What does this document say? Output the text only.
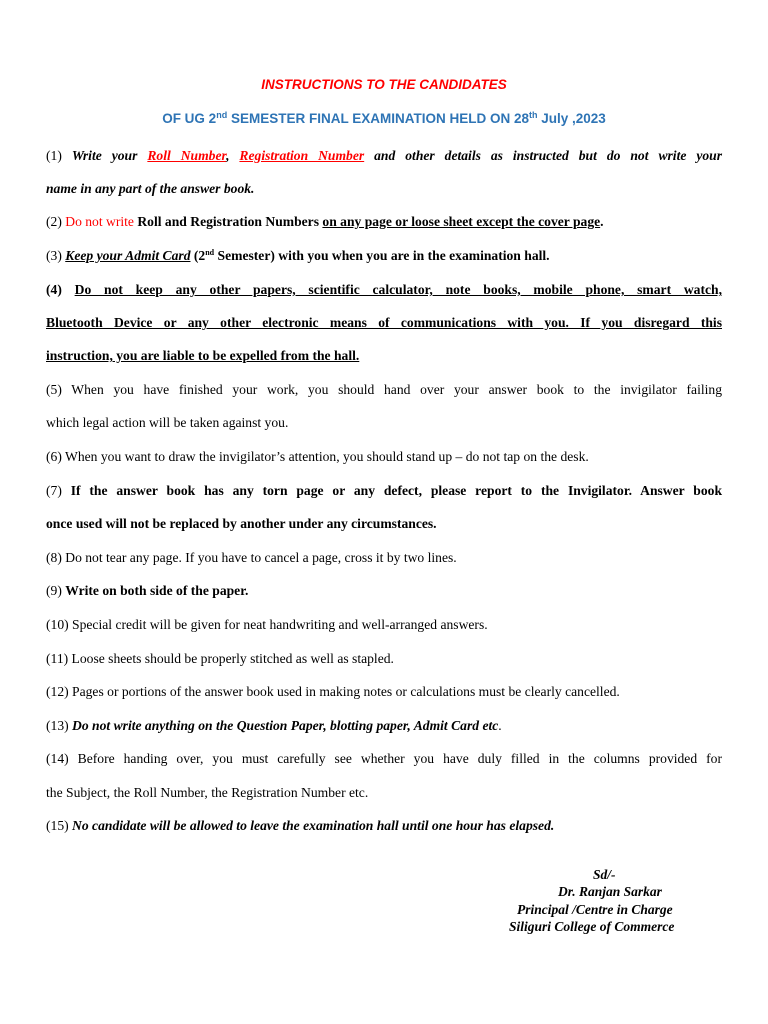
INSTRUCTIONS TO THE CANDIDATES
OF UG 2nd SEMESTER FINAL EXAMINATION HELD ON 28th July ,2023
(1) Write your Roll Number, Registration Number and other details as instructed but do not write your
name in any part of the answer book.
(2) Do not write Roll and Registration Numbers on any page or loose sheet except the cover page.
(3) Keep your Admit Card (2nd Semester) with you when you are in the examination hall.
(4) Do not keep any other papers, scientific calculator, note books, mobile phone, smart watch,
Bluetooth Device or any other electronic means of communications with you. If you disregard this
instruction, you are liable to be expelled from the hall.
(5) When you have finished your work, you should hand over your answer book to the invigilator failing
which legal action will be taken against you.
(6) When you want to draw the invigilator’s attention, you should stand up – do not tap on the desk.
(7) If the answer book has any torn page or any defect, please report to the Invigilator. Answer book
once used will not be replaced by another under any circumstances.
(8) Do not tear any page. If you have to cancel a page, cross it by two lines.
(9) Write on both side of the paper.
(10) Special credit will be given for neat handwriting and well-arranged answers.
(11) Loose sheets should be properly stitched as well as stapled.
(12) Pages or portions of the answer book used in making notes or calculations must be clearly cancelled.
(13) Do not write anything on the Question Paper, blotting paper, Admit Card etc.
(14) Before handing over, you must carefully see whether you have duly filled in the columns provided for
the Subject, the Roll Number, the Registration Number etc.
(15) No candidate will be allowed to leave the examination hall until one hour has elapsed.
Sd/-
Dr. Ranjan Sarkar
Principal /Centre in Charge
Siliguri College of Commerce
